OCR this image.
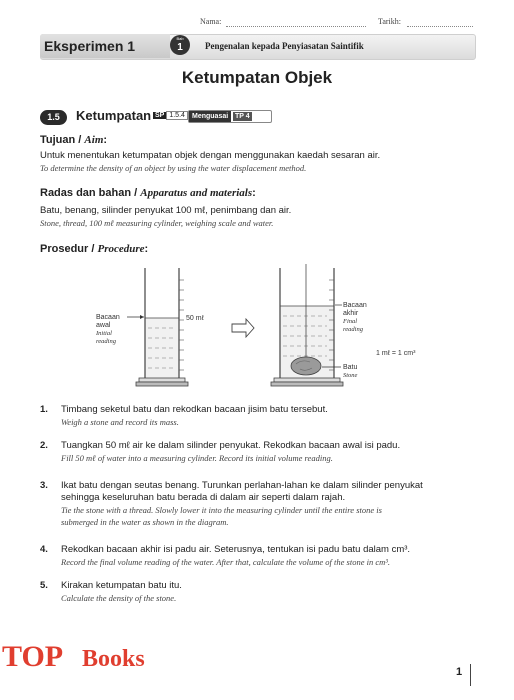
Nama:	Tarikh:
Eksperimen 1	Bab
1	Pengenalan kepada Penyiasatan Saintifik
Ketumpatan Objek
1.5	Ketumpatan SP 1.5.4	Menguasai TP 4
Tujuan / Aim:
Untuk menentukan ketumpatan objek dengan menggunakan kaedah sesaran air.
To determine the density of an object by using the water displacement method.
Radas dan bahan / Apparatus and materials:
Batu, benang, silinder penyukat 100 mℓ, penimbang dan air.
Stone, thread, 100 mℓ measuring cylinder, weighing scale and water.
Prosedur / Procedure:
Bacaan
awal
Initial
reading
50 mℓ
Bacaan
akhir
Final
reading
Batu
Stone
1 mℓ = 1 cm³
1. Timbang seketul batu dan rekodkan bacaan jisim batu tersebut.
Weigh a stone and record its mass.
2. Tuangkan 50 mℓ air ke dalam silinder penyukat. Rekodkan bacaan awal isi padu.
Fill 50 mℓ of water into a measuring cylinder. Record its initial volume reading.
3. Ikat batu dengan seutas benang. Turunkan perlahan-lahan ke dalam silinder penyukat
sehingga keseluruhan batu berada di dalam air seperti dalam rajah.
Tie the stone with a thread. Slowly lower it into the measuring cylinder until the entire stone is
submerged in the water as shown in the diagram.
4. Rekodkan bacaan akhir isi padu air. Seterusnya, tentukan isi padu batu dalam cm³.
Record the final volume reading of the water. After that, calculate the volume of the stone in cm³.
5. Kirakan ketumpatan batu itu.
Calculate the density of the stone.
TOP Books	1
